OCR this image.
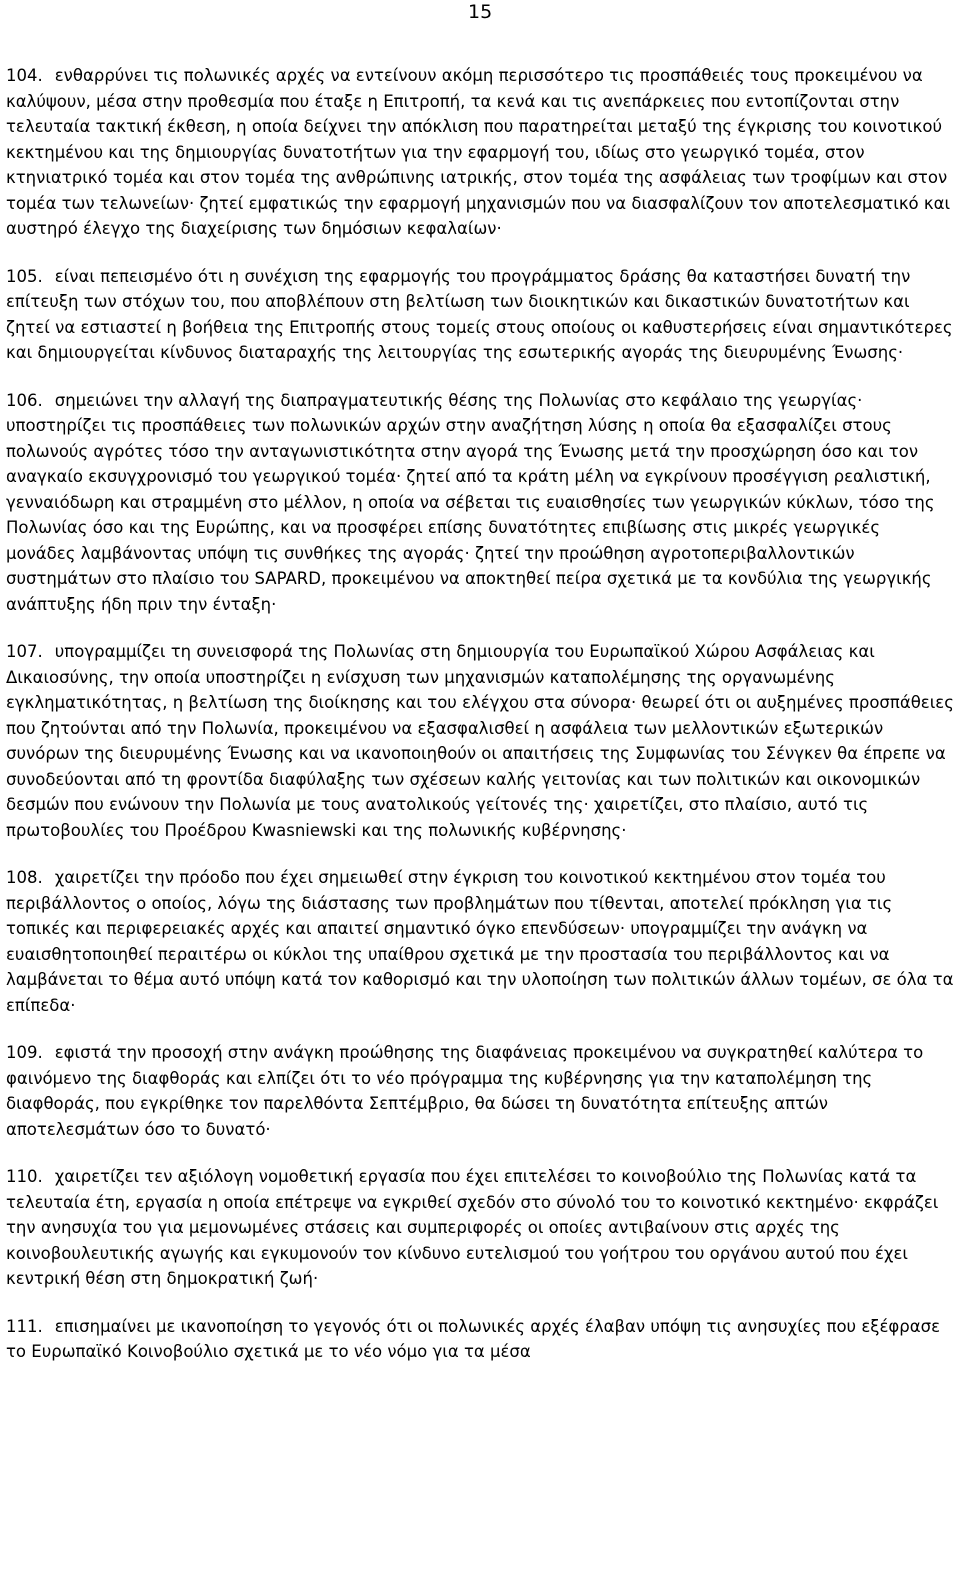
15

104. ενθαρρύνει τις πολωνικές αρχές να εντείνουν ακόμη περισσότερο τις προσπάθειές τους προκειμένου να καλύψουν, μέσα στην προθεσμία που έταξε η Επιτροπή, τα κενά και τις ανεπάρκειες που εντοπίζονται στην τελευταία τακτική έκθεση, η οποία δείχνει την απόκλιση που παρατηρείται μεταξύ της έγκρισης του κοινοτικού κεκτημένου και της δημιουργίας δυνατοτήτων για την εφαρμογή του, ιδίως στο γεωργικό τομέα, στον κτηνιατρικό τομέα και στον τομέα της ανθρώπινης ιατρικής, στον τομέα της ασφάλειας των τροφίμων και στον τομέα των τελωνείων· ζητεί εμφατικώς την εφαρμογή μηχανισμών που να διασφαλίζουν τον αποτελεσματικό και αυστηρό έλεγχο της διαχείρισης των δημόσιων κεφαλαίων·

105. είναι πεπεισμένο ότι η συνέχιση της εφαρμογής του προγράμματος δράσης θα καταστήσει δυνατή την επίτευξη των στόχων του, που αποβλέπουν στη βελτίωση των διοικητικών και δικαστικών δυνατοτήτων και ζητεί να εστιαστεί η βοήθεια της Επιτροπής στους τομείς στους οποίους οι καθυστερήσεις είναι σημαντικότερες και δημιουργείται κίνδυνος διαταραχής της λειτουργίας της εσωτερικής αγοράς της διευρυμένης Ένωσης·

106. σημειώνει την αλλαγή της διαπραγματευτικής θέσης της Πολωνίας στο κεφάλαιο της γεωργίας· υποστηρίζει τις προσπάθειες των πολωνικών αρχών στην αναζήτηση λύσης η οποία θα εξασφαλίζει στους πολωνούς αγρότες τόσο την ανταγωνιστικότητα στην αγορά της Ένωσης μετά την προσχώρηση όσο και τον αναγκαίο εκσυγχρονισμό του γεωργικού τομέα· ζητεί από τα κράτη μέλη να εγκρίνουν προσέγγιση ρεαλιστική, γενναιόδωρη και στραμμένη στο μέλλον, η οποία να σέβεται τις ευαισθησίες των γεωργικών κύκλων, τόσο της Πολωνίας όσο και της Ευρώπης, και να προσφέρει επίσης δυνατότητες επιβίωσης στις μικρές γεωργικές μονάδες λαμβάνοντας υπόψη τις συνθήκες της αγοράς· ζητεί την προώθηση αγροτοπεριβαλλοντικών συστημάτων στο πλαίσιο του SAPARD, προκειμένου να αποκτηθεί πείρα σχετικά με τα κονδύλια της γεωργικής ανάπτυξης ήδη πριν την ένταξη·

107. υπογραμμίζει τη συνεισφορά της Πολωνίας στη δημιουργία του Ευρωπαϊκού Χώρου Ασφάλειας και Δικαιοσύνης, την οποία υποστηρίζει η ενίσχυση των μηχανισμών καταπολέμησης της οργανωμένης εγκληματικότητας, η βελτίωση της διοίκησης και του ελέγχου στα σύνορα· θεωρεί ότι οι αυξημένες προσπάθειες που ζητούνται από την Πολωνία, προκειμένου να εξασφαλισθεί η ασφάλεια των μελλοντικών εξωτερικών συνόρων της διευρυμένης Ένωσης και να ικανοποιηθούν οι απαιτήσεις της Συμφωνίας του Σένγκεν θα έπρεπε να συνοδεύονται από τη φροντίδα διαφύλαξης των σχέσεων καλής γειτονίας και των πολιτικών και οικονομικών δεσμών που ενώνουν την Πολωνία με τους ανατολικούς γείτονές της· χαιρετίζει, στο πλαίσιο, αυτό τις πρωτοβουλίες του Προέδρου Kwasniewski και της πολωνικής κυβέρνησης·

108. χαιρετίζει την πρόοδο που έχει σημειωθεί στην έγκριση του κοινοτικού κεκτημένου στον τομέα του περιβάλλοντος ο οποίος, λόγω της διάστασης των προβλημάτων που τίθενται, αποτελεί πρόκληση για τις τοπικές και περιφερειακές αρχές και απαιτεί σημαντικό όγκο επενδύσεων· υπογραμμίζει την ανάγκη να ευαισθητοποιηθεί περαιτέρω οι κύκλοι της υπαίθρου σχετικά με την προστασία του περιβάλλοντος και να λαμβάνεται το θέμα αυτό υπόψη κατά τον καθορισμό και την υλοποίηση των πολιτικών άλλων τομέων, σε όλα τα επίπεδα·

109. εφιστά την προσοχή στην ανάγκη προώθησης της διαφάνειας προκειμένου να συγκρατηθεί καλύτερα το φαινόμενο της διαφθοράς και ελπίζει ότι το νέο πρόγραμμα της κυβέρνησης για την καταπολέμηση της διαφθοράς, που εγκρίθηκε τον παρελθόντα Σεπτέμβριο, θα δώσει τη δυνατότητα επίτευξης απτών αποτελεσμάτων όσο το δυνατό·

110. χαιρετίζει τεν αξιόλογη νομοθετική εργασία που έχει επιτελέσει το κοινοβούλιο της Πολωνίας κατά τα τελευταία έτη, εργασία η οποία επέτρεψε να εγκριθεί σχεδόν στο σύνολό του το κοινοτικό κεκτημένο· εκφράζει την ανησυχία του για μεμονωμένες στάσεις και συμπεριφορές οι οποίες αντιβαίνουν στις αρχές της κοινοβουλευτικής αγωγής και εγκυμονούν τον κίνδυνο ευτελισμού του γοήτρου του οργάνου αυτού που έχει κεντρική θέση στη δημοκρατική ζωή·

111. επισημαίνει με ικανοποίηση το γεγονός ότι οι πολωνικές αρχές έλαβαν υπόψη τις ανησυχίες που εξέφρασε το Ευρωπαϊκό Κοινοβούλιο σχετικά με το νέο νόμο για τα μέσα
